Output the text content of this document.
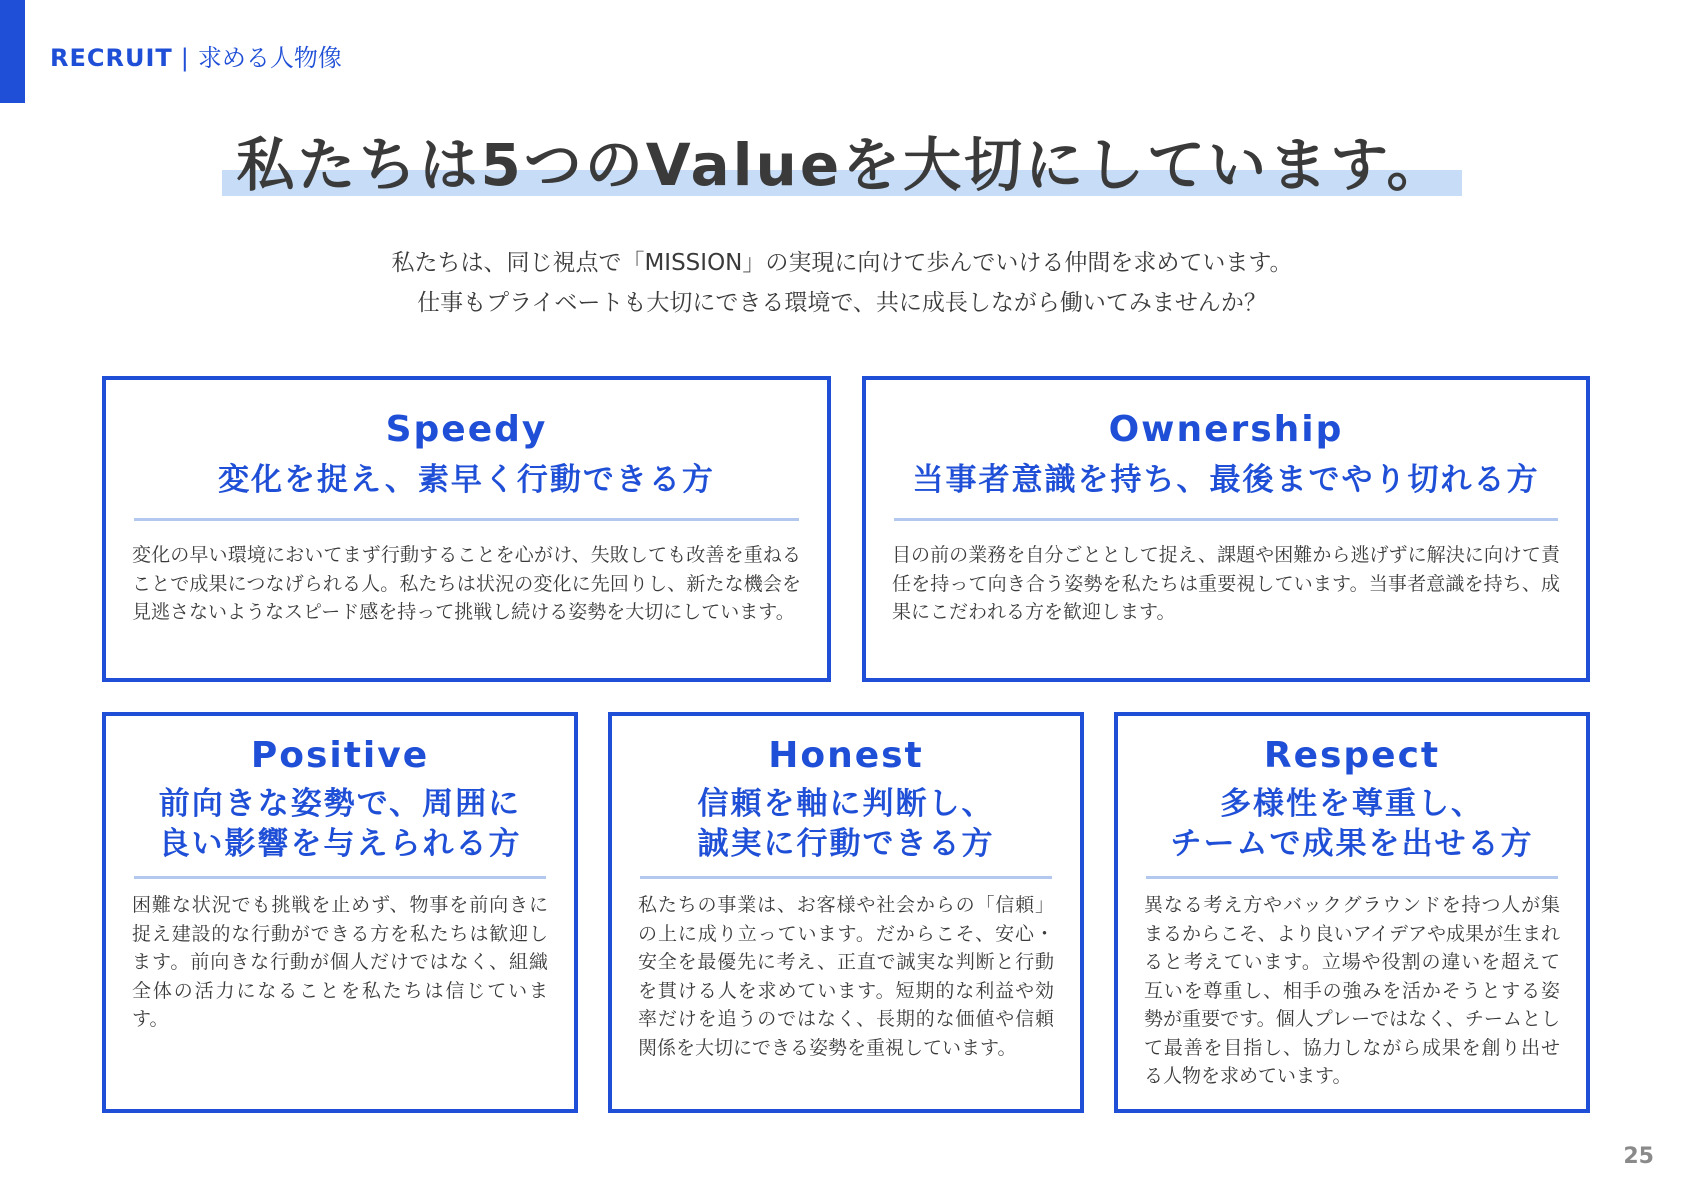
RECRUIT | 求める人物像
私たちは5つのValueを大切にしています。
私たちは、同じ視点で「MISSION」の実現に向けて歩んでいける仲間を求めています。
仕事もプライベートも大切にできる環境で、共に成長しながら働いてみませんか？
Speedy
変化を捉え、素早く行動できる方
変化の早い環境においてまず行動することを心がけ、失敗しても改善を重ねることで成果につなげられる人。私たちは状況の変化に先回りし、新たな機会を見逃さないようなスピード感を持って挑戦し続ける姿勢を大切にしています。
Ownership
当事者意識を持ち、最後までやり切れる方
目の前の業務を自分ごととして捉え、課題や困難から逃げずに解決に向けて責任を持って向き合う姿勢を私たちは重要視しています。当事者意識を持ち、成果にこだわれる方を歓迎します。
Positive
前向きな姿勢で、周囲に
良い影響を与えられる方
困難な状況でも挑戦を止めず、物事を前向きに捉え建設的な行動ができる方を私たちは歓迎します。前向きな行動が個人だけではなく、組織全体の活力になることを私たちは信じています。
Honest
信頼を軸に判断し、
誠実に行動できる方
私たちの事業は、お客様や社会からの「信頼」の上に成り立っています。だからこそ、安心・安全を最優先に考え、正直で誠実な判断と行動を貫ける人を求めています。短期的な利益や効率だけを追うのではなく、長期的な価値や信頼関係を大切にできる姿勢を重視しています。
Respect
多様性を尊重し、
チームで成果を出せる方
異なる考え方やバックグラウンドを持つ人が集まるからこそ、より良いアイデアや成果が生まれると考えています。立場や役割の違いを超えて互いを尊重し、相手の強みを活かそうとする姿勢が重要です。個人プレーではなく、チームとして最善を目指し、協力しながら成果を創り出せる人物を求めています。
25
